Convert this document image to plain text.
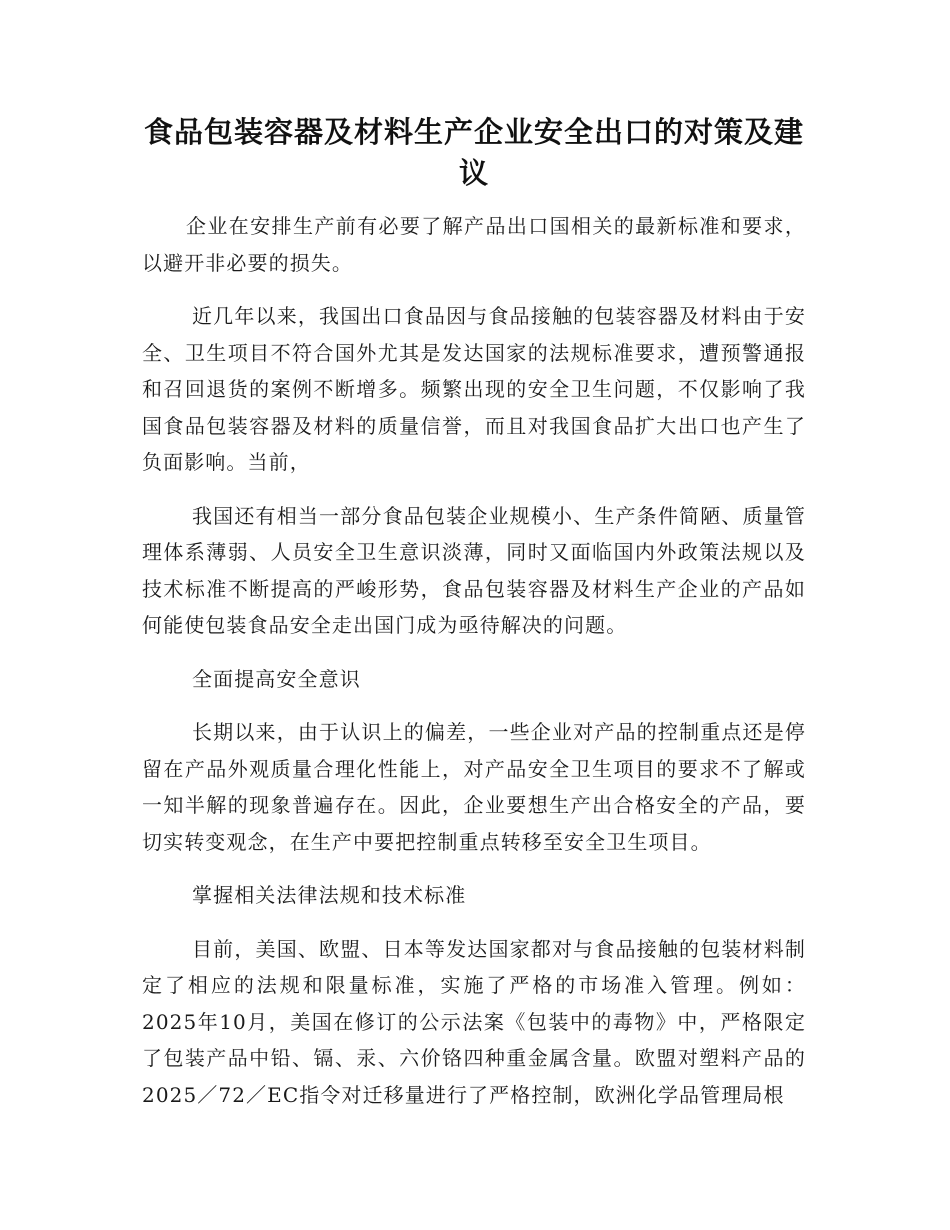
食品包装容器及材料生产企业安全出口的对策及建议

企业在安排生产前有必要了解产品出口国相关的最新标准和要求，以避开非必要的损失。

近几年以来，我国出口食品因与食品接触的包装容器及材料由于安全、卫生项目不符合国外尤其是发达国家的法规标准要求，遭预警通报和召回退货的案例不断增多。频繁出现的安全卫生问题，不仅影响了我国食品包装容器及材料的质量信誉，而且对我国食品扩大出口也产生了负面影响。当前，

我国还有相当一部分食品包装企业规模小、生产条件简陋、质量管理体系薄弱、人员安全卫生意识淡薄，同时又面临国内外政策法规以及技术标准不断提高的严峻形势，食品包装容器及材料生产企业的产品如何能使包装食品安全走出国门成为亟待解决的问题。

全面提高安全意识

长期以来，由于认识上的偏差，一些企业对产品的控制重点还是停留在产品外观质量合理化性能上，对产品安全卫生项目的要求不了解或一知半解的现象普遍存在。因此，企业要想生产出合格安全的产品，要切实转变观念，在生产中要把控制重点转移至安全卫生项目。

掌握相关法律法规和技术标准

目前，美国、欧盟、日本等发达国家都对与食品接触的包装材料制定了相应的法规和限量标准，实施了严格的市场准入管理。例如：2025年10月，美国在修订的公示法案《包装中的毒物》中，严格限定了包装产品中铅、镉、汞、六价铬四种重金属含量。欧盟对塑料产品的2025／72／EC指令对迁移量进行了严格控制，欧洲化学品管理局根
